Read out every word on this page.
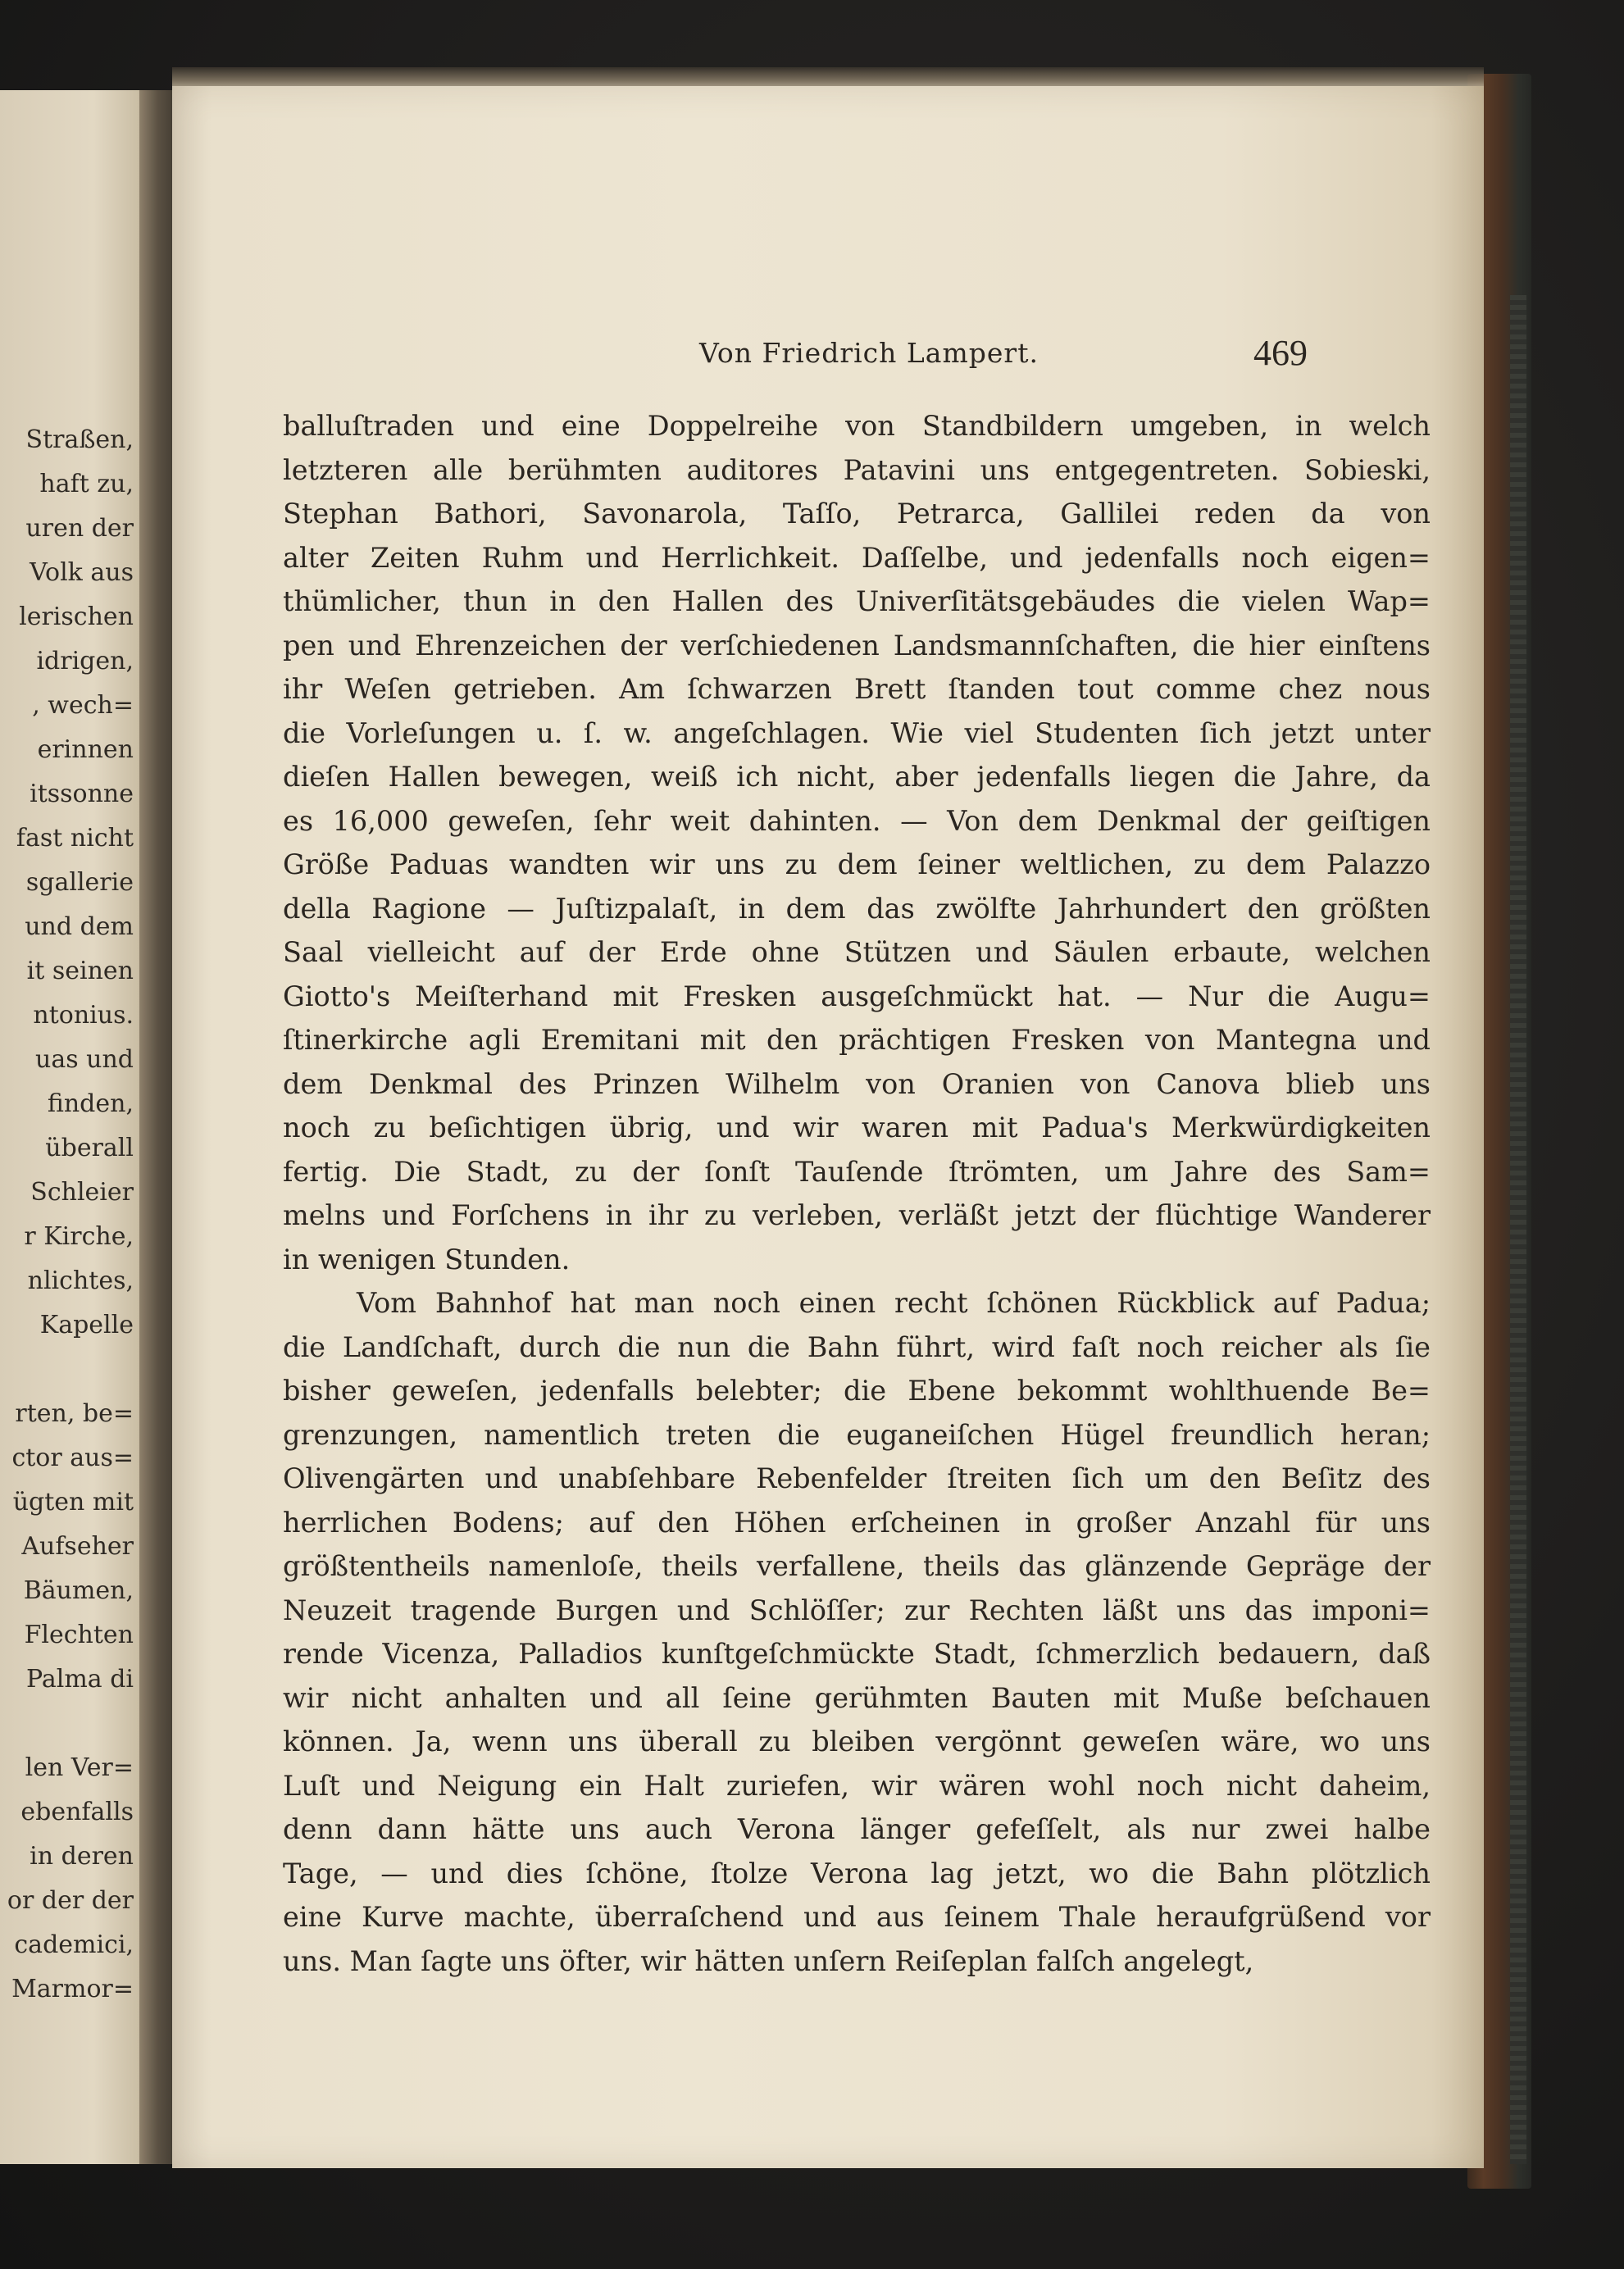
Straßen,
haft zu,
uren der
Volk aus
lerischen
idrigen,
, wech=
erinnen
itssonne
fast nicht
sgallerie
und dem
it seinen
ntonius.
uas und
finden,
überall
Schleier
r Kirche,
nlichtes,
Kapelle
rten, be=
ctor aus=
ügten mit
Aufseher
Bäumen,
Flechten
Palma di
len Ver=
ebenfalls
in deren
or der der
cademici,
Marmor=
Von Friedrich Lampert.	469
balluſtraden und eine Doppelreihe von Standbildern umgeben, in welch
letzteren alle berühmten auditores Patavini uns entgegentreten. Sobieski,
Stephan Bathori, Savonarola, Taſſo, Petrarca, Gallilei reden da von
alter Zeiten Ruhm und Herrlichkeit. Daſſelbe, und jedenfalls noch eigen=
thümlicher, thun in den Hallen des Univerſitätsgebäudes die vielen Wap=
pen und Ehrenzeichen der verſchiedenen Landsmannſchaften, die hier einſtens
ihr Weſen getrieben. Am ſchwarzen Brett ſtanden tout comme chez nous
die Vorleſungen u. ſ. w. angeſchlagen. Wie viel Studenten ſich jetzt unter
dieſen Hallen bewegen, weiß ich nicht, aber jedenfalls liegen die Jahre, da
es 16,000 geweſen, ſehr weit dahinten. — Von dem Denkmal der geiſtigen
Größe Paduas wandten wir uns zu dem ſeiner weltlichen, zu dem Palazzo
della Ragione — Juſtizpalaſt, in dem das zwölfte Jahrhundert den größten
Saal vielleicht auf der Erde ohne Stützen und Säulen erbaute, welchen
Giotto's Meiſterhand mit Fresken ausgeſchmückt hat. — Nur die Augu=
ſtinerkirche agli Eremitani mit den prächtigen Fresken von Mantegna und
dem Denkmal des Prinzen Wilhelm von Oranien von Canova blieb uns
noch zu beſichtigen übrig, und wir waren mit Padua's Merkwürdigkeiten
fertig. Die Stadt, zu der ſonſt Tauſende ſtrömten, um Jahre des Sam=
melns und Forſchens in ihr zu verleben, verläßt jetzt der flüchtige Wanderer
in wenigen Stunden.
Vom Bahnhof hat man noch einen recht ſchönen Rückblick auf Padua;
die Landſchaft, durch die nun die Bahn führt, wird faſt noch reicher als ſie
bisher geweſen, jedenfalls belebter; die Ebene bekommt wohlthuende Be=
grenzungen, namentlich treten die euganeiſchen Hügel freundlich heran;
Olivengärten und unabſehbare Rebenfelder ſtreiten ſich um den Beſitz des
herrlichen Bodens; auf den Höhen erſcheinen in großer Anzahl für uns
größtentheils namenloſe, theils verfallene, theils das glänzende Gepräge der
Neuzeit tragende Burgen und Schlöſſer; zur Rechten läßt uns das imponi=
rende Vicenza, Palladios kunſtgeſchmückte Stadt, ſchmerzlich bedauern, daß
wir nicht anhalten und all ſeine gerühmten Bauten mit Muße beſchauen
können. Ja, wenn uns überall zu bleiben vergönnt geweſen wäre, wo uns
Luſt und Neigung ein Halt zuriefen, wir wären wohl noch nicht daheim,
denn dann hätte uns auch Verona länger gefeſſelt, als nur zwei halbe
Tage, — und dies ſchöne, ſtolze Verona lag jetzt, wo die Bahn plötzlich
eine Kurve machte, überraſchend und aus ſeinem Thale heraufgrüßend vor
uns. Man ſagte uns öfter, wir hätten unſern Reiſeplan falſch angelegt,
